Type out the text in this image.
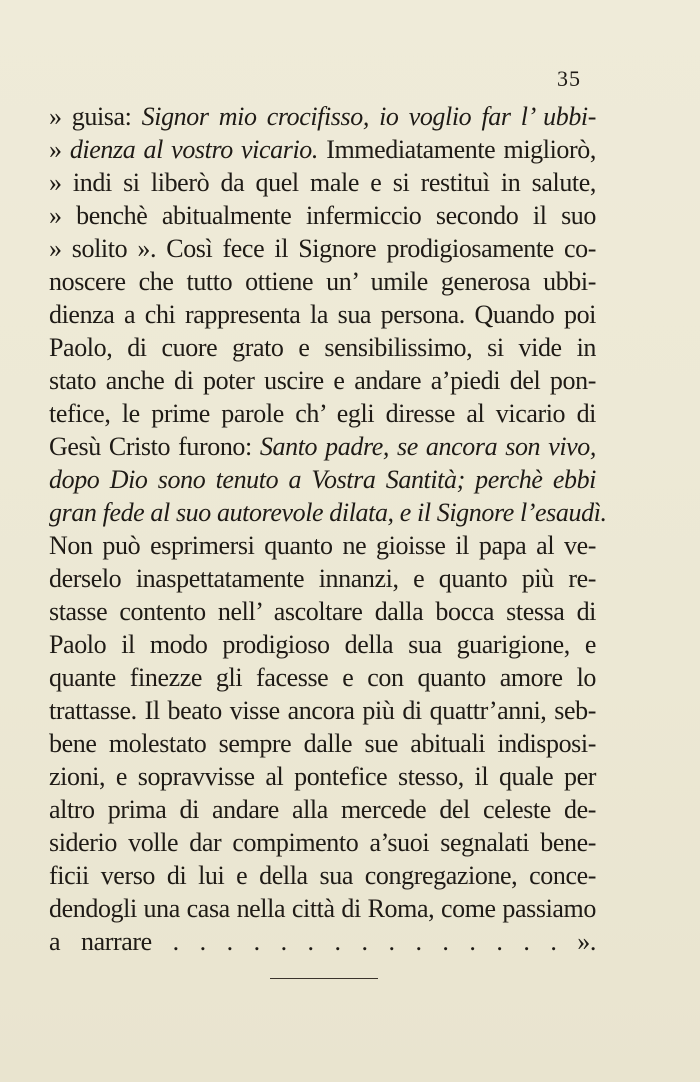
35
» guisa: Signor mio crocifisso, io voglio far l’ ubbi-
» dienza al vostro vicario. Immediatamente migliorò,
» indi si liberò da quel male e si restituì in salute,
» benchè abitualmente infermiccio secondo il suo
» solito ». Così fece il Signore prodigiosamente co-
noscere che tutto ottiene un’ umile generosa ubbi-
dienza a chi rappresenta la sua persona. Quando poi
Paolo, di cuore grato e sensibilissimo, si vide in
stato anche di poter uscire e andare a’piedi del pon-
tefice, le prime parole ch’ egli diresse al vicario di
Gesù Cristo furono: Santo padre, se ancora son vivo,
dopo Dio sono tenuto a Vostra Santità; perchè ebbi
gran fede al suo autorevole dilata, e il Signore l’esaudì.
Non può esprimersi quanto ne gioisse il papa al ve-
derselo inaspettatamente innanzi, e quanto più re-
stasse contento nell’ ascoltare dalla bocca stessa di
Paolo il modo prodigioso della sua guarigione, e
quante finezze gli facesse e con quanto amore lo
trattasse. Il beato visse ancora più di quattr’anni, seb-
bene molestato sempre dalle sue abituali indisposi-
zioni, e sopravvisse al pontefice stesso, il quale per
altro prima di andare alla mercede del celeste de-
siderio volle dar compimento a’suoi segnalati bene-
ficii verso di lui e della sua congregazione, conce-
dendogli una casa nella città di Roma, come passiamo
a narrare . . . . . . . . . . . . . . . ».
